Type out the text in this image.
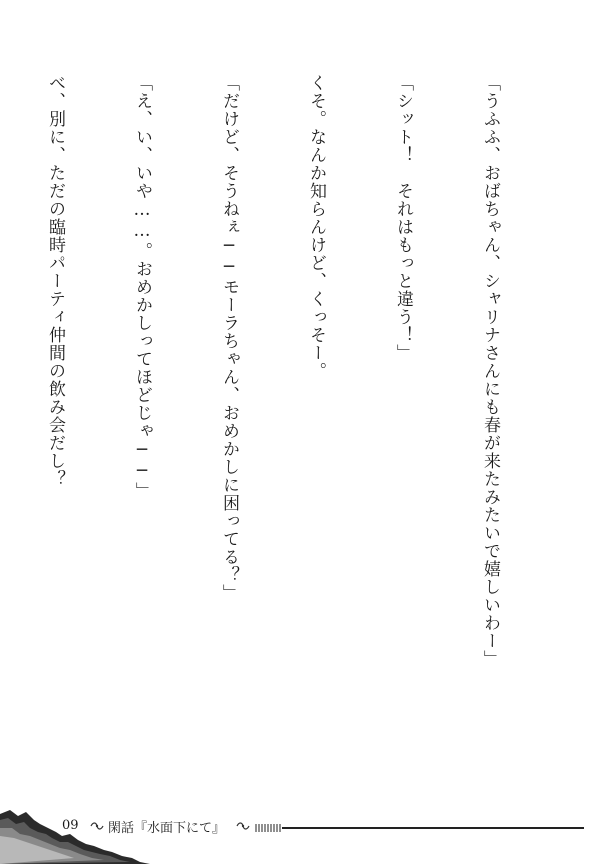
「うふふ、おばちゃん、シャリナさんにも春が来たみたいで嬉しいわー」

「シット！　それはもっと違う！」

くそ。なんか知らんけど、くっそー。

「だけど、そうねぇ──モーラちゃん、おめかしに困ってる？」

「え、い、いや……。おめかしってほどじゃ──」

べ、別に、ただの臨時パーティ仲間の飲み会だし？

09 閑話『水面下にて』
